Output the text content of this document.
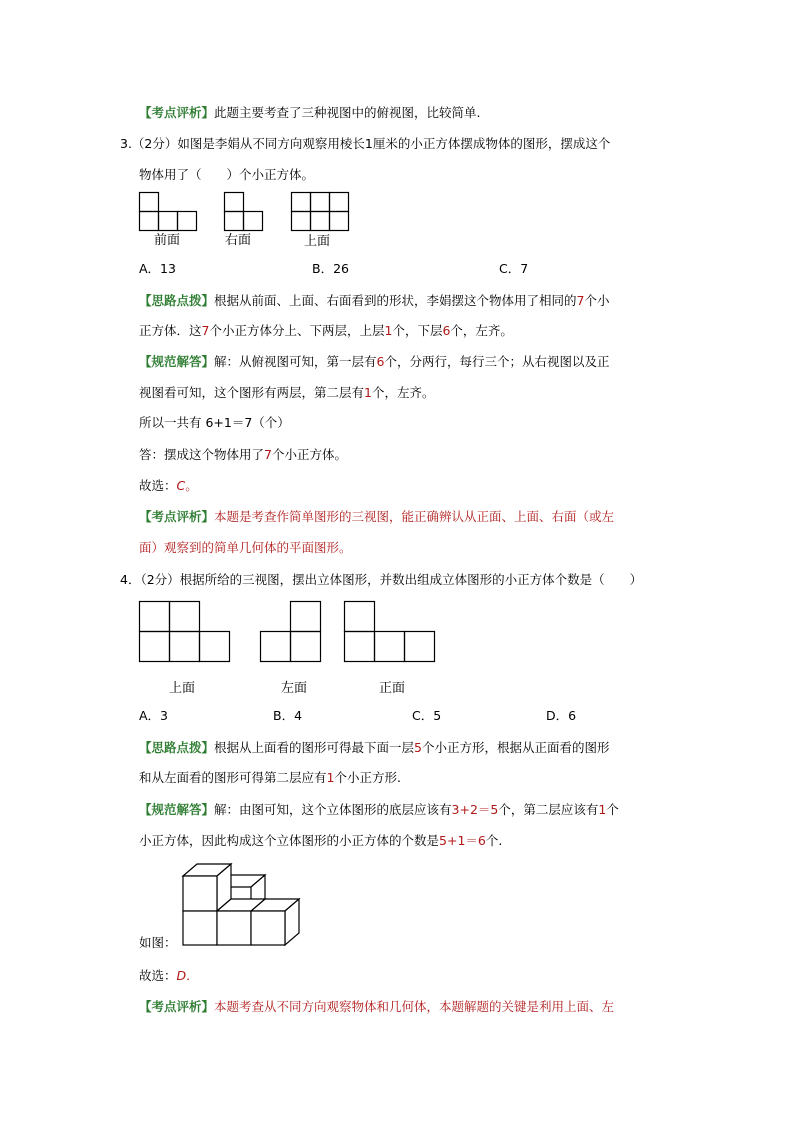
【考点评析】此题主要考查了三种视图中的俯视图，比较简单.
3.（2分）如图是李娟从不同方向观察用棱长1厘米的小正方体摆成物体的图形，摆成这个
物体用了（　　）个小正方体。
前面	右面	上面
A．13	B．26	C．7
【思路点拨】根据从前面、上面、右面看到的形状，李娟摆这个物体用了相同的7个小
正方体．这7个小正方体分上、下两层，上层1个，下层6个，左齐。
【规范解答】解：从俯视图可知，第一层有6个，分两行，每行三个；从右视图以及正
视图看可知，这个图形有两层，第二层有1个，左齐。
所以一共有 6+1＝7（个）
答：摆成这个物体用了7个小正方体。
故选：C。
【考点评析】本题是考查作简单图形的三视图，能正确辨认从正面、上面、右面（或左
面）观察到的简单几何体的平面图形。
4．（2分）根据所给的三视图，摆出立体图形，并数出组成立体图形的小正方体个数是（　　）
上面	左面	正面
A．3	B．4	C．5	D．6
【思路点拨】根据从上面看的图形可得最下面一层5个小正方形，根据从正面看的图形
和从左面看的图形可得第二层应有1个小正方形.
【规范解答】解：由图可知，这个立体图形的底层应该有3+2＝5个，第二层应该有1个
小正方体，因此构成这个立体图形的小正方体的个数是5+1＝6个.
如图：
故选：D.
【考点评析】本题考查从不同方向观察物体和几何体，本题解题的关键是利用上面、左
